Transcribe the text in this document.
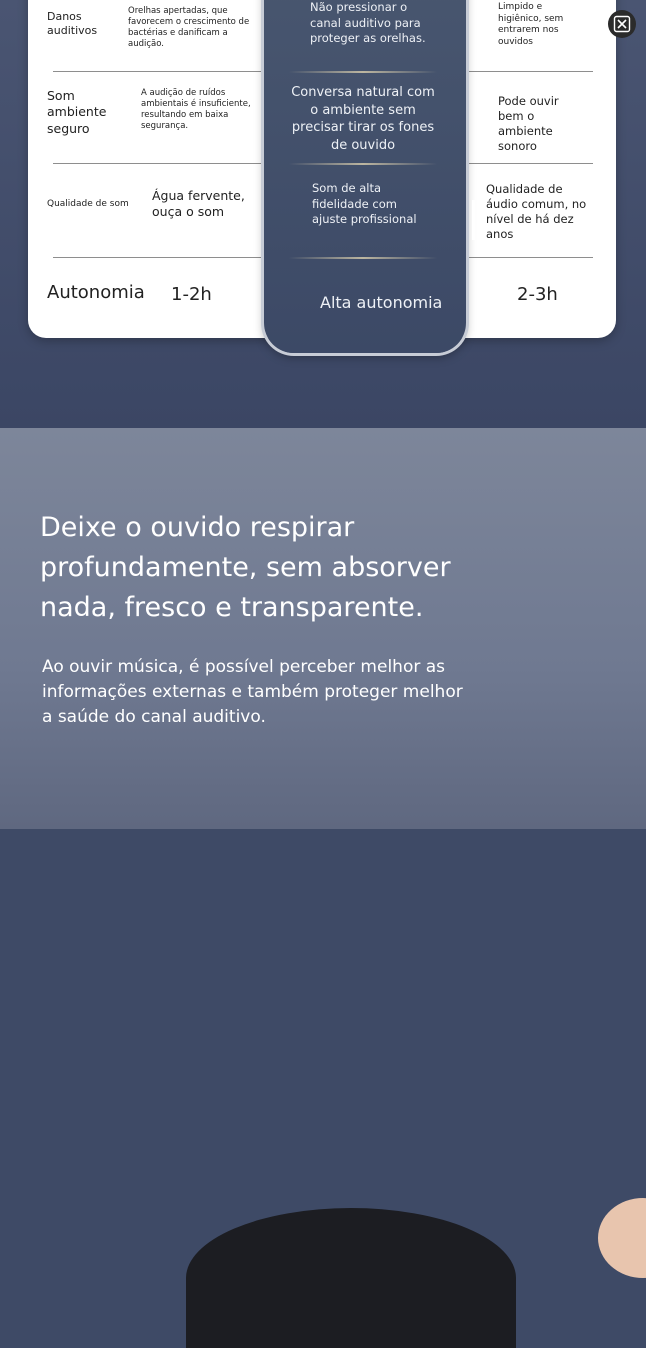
Danos auditivos
Orelhas apertadas, que favorecem o crescimento de bactérias e danificam a audição.
Não pressionar o canal auditivo para proteger as orelhas.
Limpido e higiênico, sem entrarem nos ouvidos
Som ambiente seguro
A audição de ruídos ambientais é insuficiente, resultando em baixa segurança.
Conversa natural com o ambiente sem precisar tirar os fones de ouvido
Pode ouvir bem o ambiente sonoro
Qualidade de som
Água fervente, ouça o som
Som de alta fidelidade com ajuste profissional
Qualidade de áudio comum, no nível de há dez anos
Autonomia 1-2h	Alta autonomia	2-3h
Deixe o ouvido respirar profundamente, sem absorver nada, fresco e transparente.
Ao ouvir música, é possível perceber melhor as informações externas e também proteger melhor a saúde do canal auditivo.
